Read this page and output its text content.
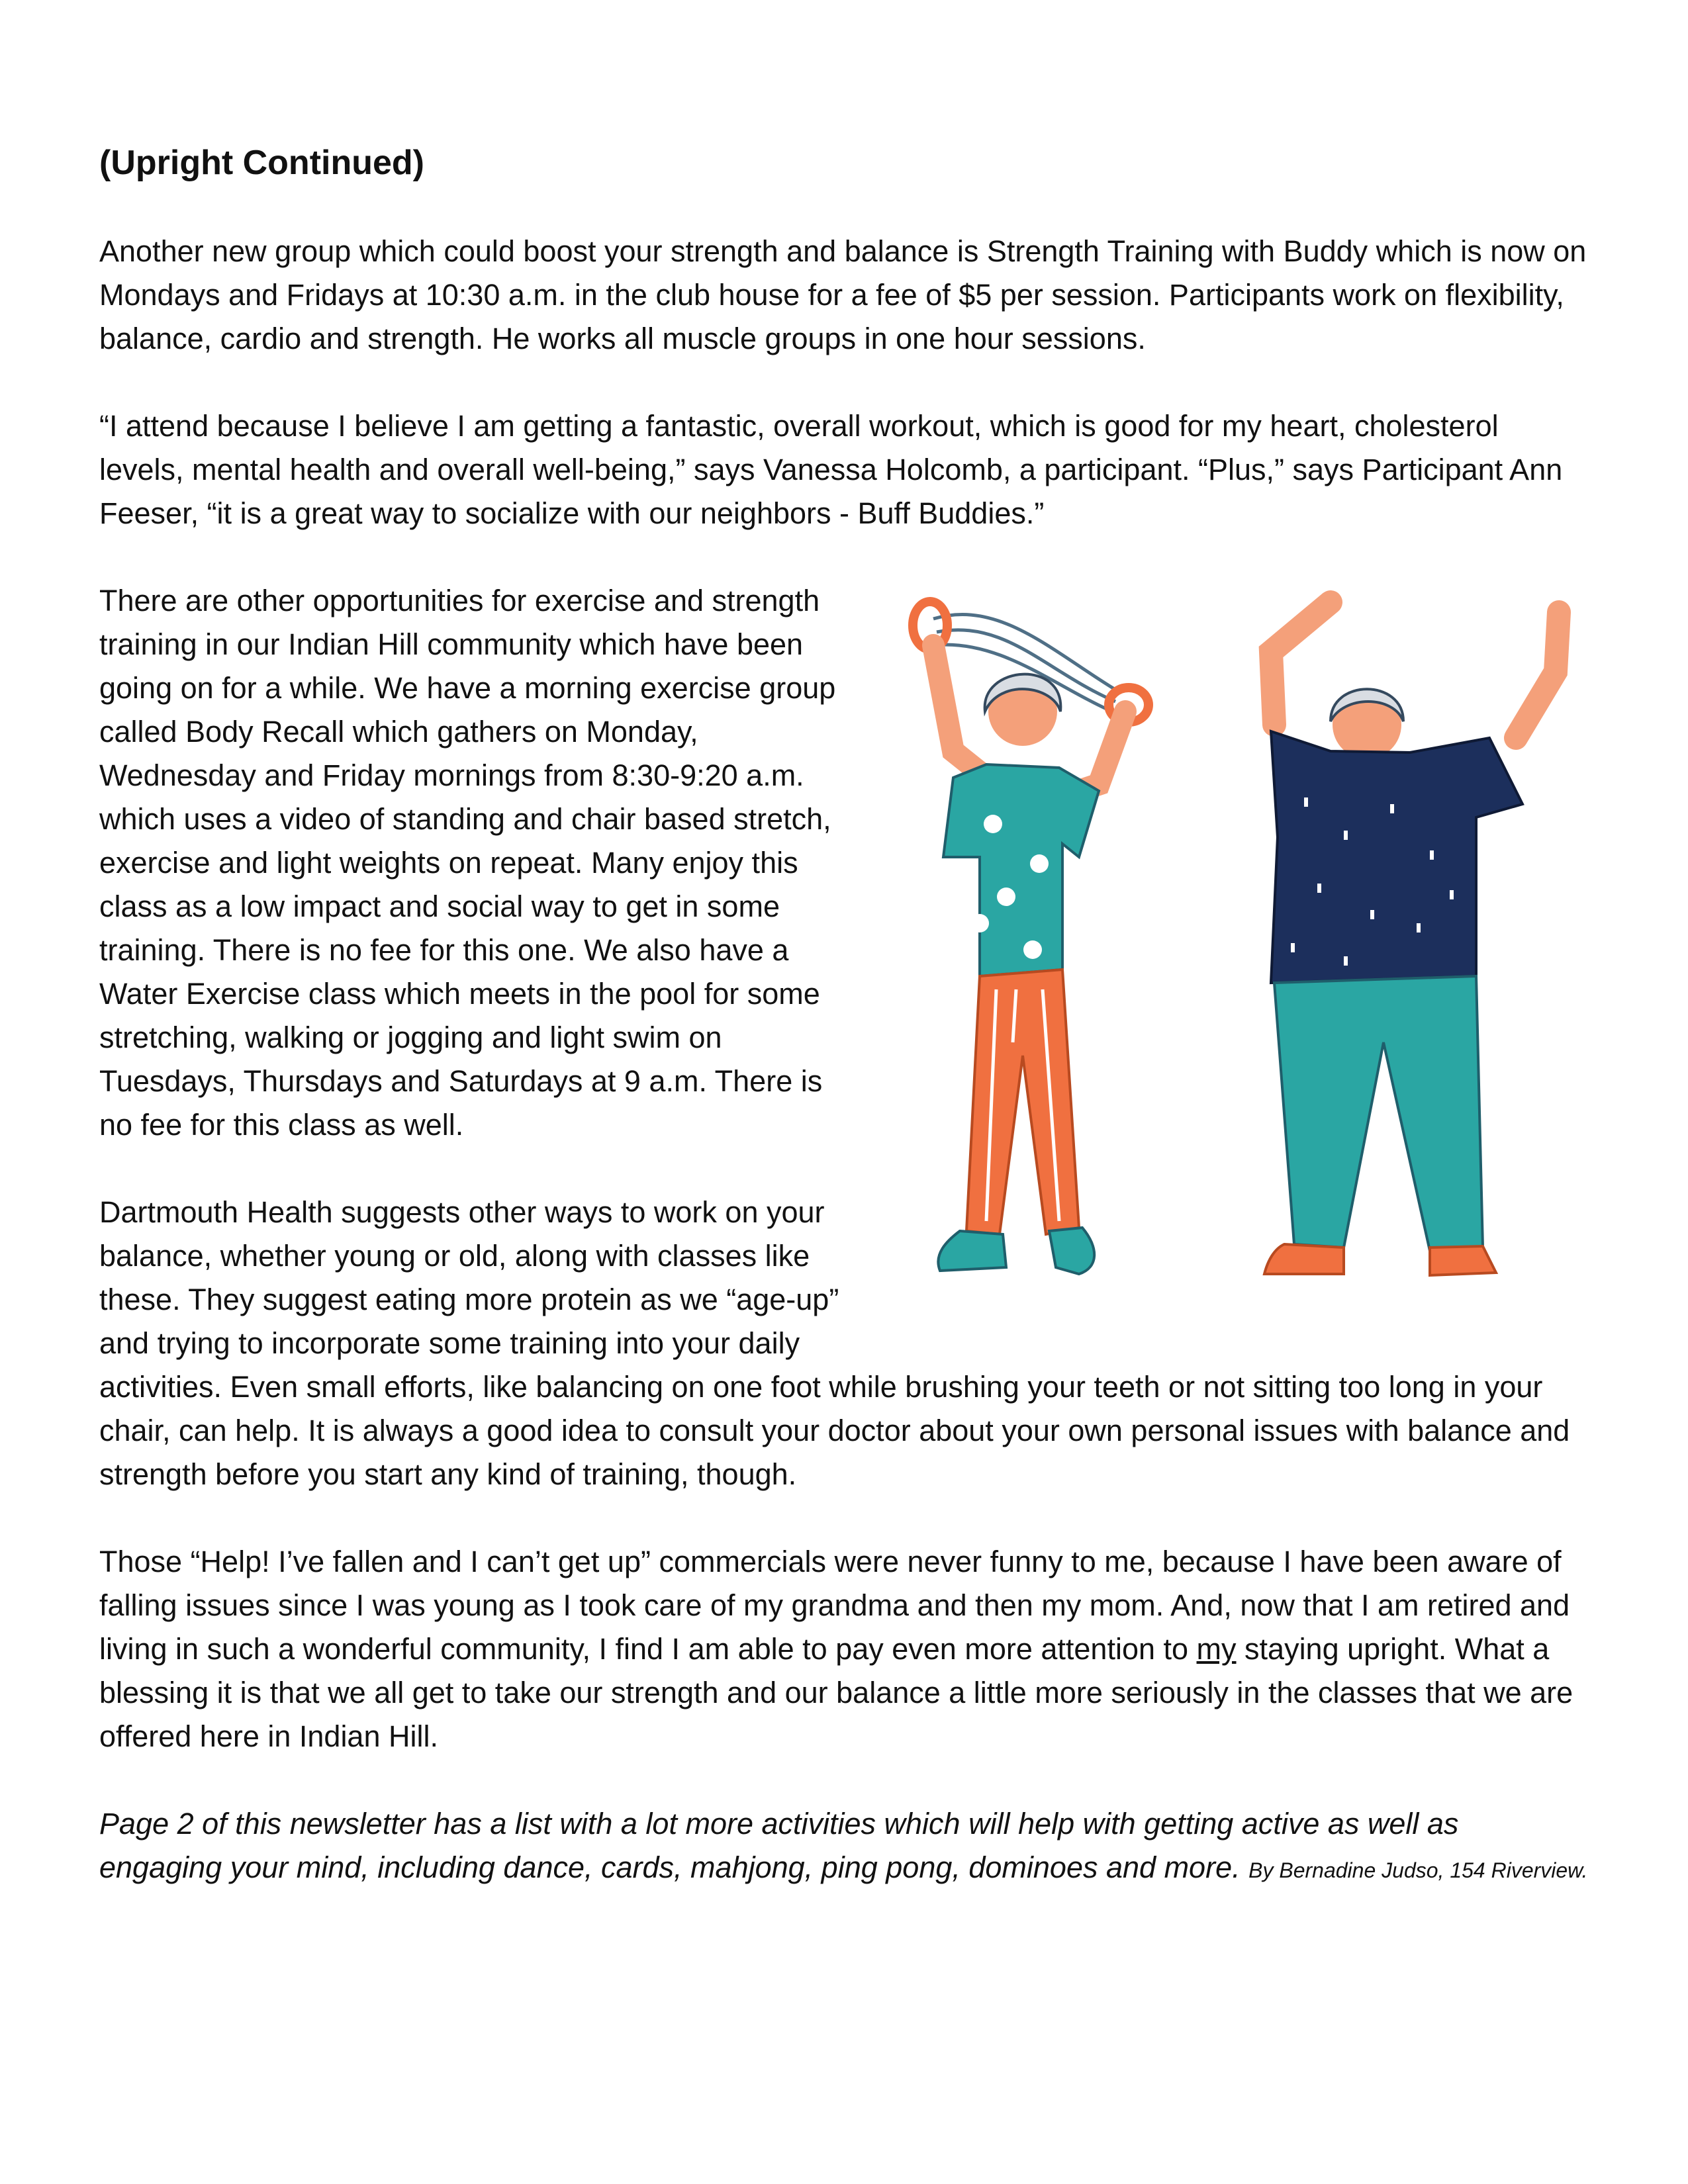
(Upright Continued)

Another new group which could boost your strength and balance is Strength Training with Buddy which is now on Mondays and Fridays at 10:30 a.m. in the club house for a fee of $5 per session. Participants work on flexibility, balance, cardio and strength. He works all muscle groups in one hour sessions.

“I attend because I believe I am getting a fantastic, overall workout, which is good for my heart, cholesterol levels, mental health and overall well-being,” says Vanessa Holcomb, a participant. “Plus,” says Participant Ann Feeser, “it is a great way to socialize with our neighbors - Buff Buddies.”

There are other opportunities for exercise and strength training in our Indian Hill community which have been going on for a while. We have a morning exercise group called Body Recall which gathers on Monday, Wednesday and Friday mornings from 8:30-9:20 a.m. which uses a video of standing and chair based stretch, exercise and light weights on repeat. Many enjoy this class as a low impact and social way to get in some training. There is no fee for this one. We also have a Water Exercise class which meets in the pool for some stretching, walking or jogging and light swim on Tuesdays, Thursdays and Saturdays at 9 a.m. There is no fee for this class as well.

Dartmouth Health suggests other ways to work on your balance, whether young or old, along with classes like these. They suggest eating more protein as we “age-up” and trying to incorporate some training into your daily activities. Even small efforts, like balancing on one foot while brushing your teeth or not sitting too long in your chair, can help. It is always a good idea to consult your doctor about your own personal issues with balance and strength before you start any kind of training, though.

Those “Help! I’ve fallen and I can’t get up” commercials were never funny to me, because I have been aware of falling issues since I was young as I took care of my grandma and then my mom. And, now that I am retired and living in such a wonderful community, I find I am able to pay even more attention to my staying upright. What a blessing it is that we all get to take our strength and our balance a little more seriously in the classes that we are offered here in Indian Hill.

Page 2 of this newsletter has a list with a lot more activities which will help with getting active as well as engaging your mind, including dance, cards, mahjong, ping pong, dominoes and more. By Bernadine Judso, 154 Riverview.
